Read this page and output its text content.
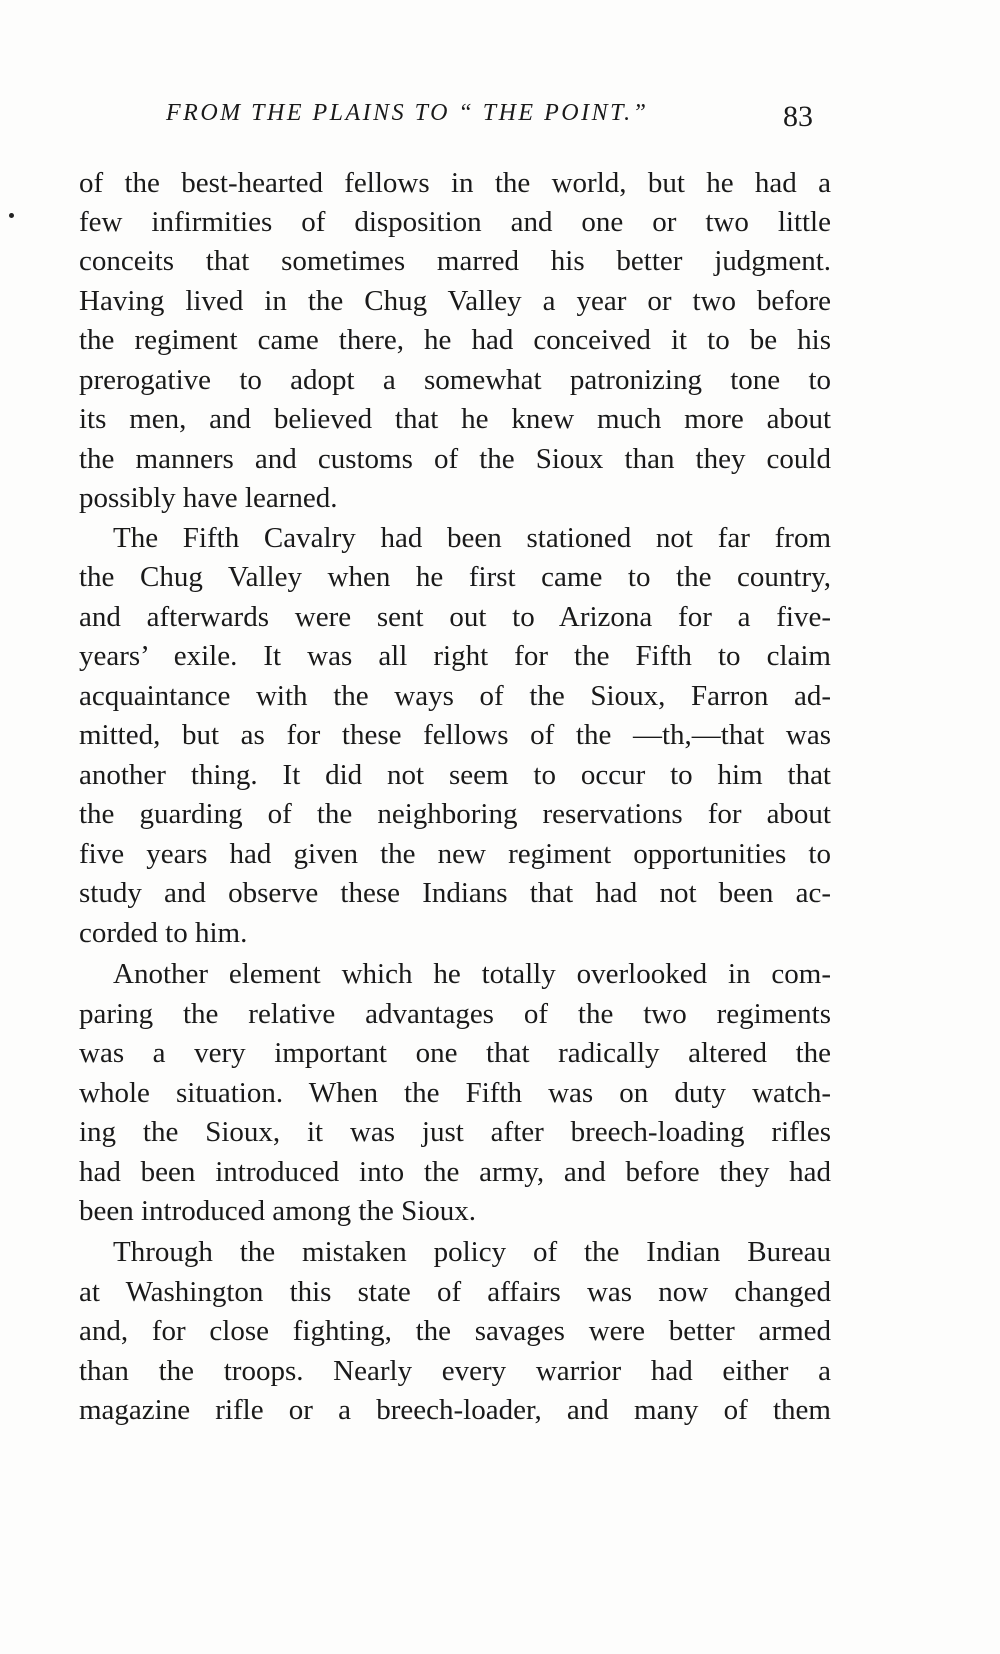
FROM THE PLAINS TO “ THE POINT.”	83
of the best-hearted fellows in the world, but he had a
few infirmities of disposition and one or two little
conceits that sometimes marred his better judgment.
Having lived in the Chug Valley a year or two before
the regiment came there, he had conceived it to be his
prerogative to adopt a somewhat patronizing tone to
its men, and believed that he knew much more about
the manners and customs of the Sioux than they could
possibly have learned.
The Fifth Cavalry had been stationed not far from
the Chug Valley when he first came to the country,
and afterwards were sent out to Arizona for a five-
years’ exile. It was all right for the Fifth to claim
acquaintance with the ways of the Sioux, Farron ad-
mitted, but as for these fellows of the —th,—that was
another thing. It did not seem to occur to him that
the guarding of the neighboring reservations for about
five years had given the new regiment opportunities to
study and observe these Indians that had not been ac-
corded to him.
Another element which he totally overlooked in com-
paring the relative advantages of the two regiments
was a very important one that radically altered the
whole situation. When the Fifth was on duty watch-
ing the Sioux, it was just after breech-loading rifles
had been introduced into the army, and before they had
been introduced among the Sioux.
Through the mistaken policy of the Indian Bureau
at Washington this state of affairs was now changed
and, for close fighting, the savages were better armed
than the troops. Nearly every warrior had either a
magazine rifle or a breech-loader, and many of them
